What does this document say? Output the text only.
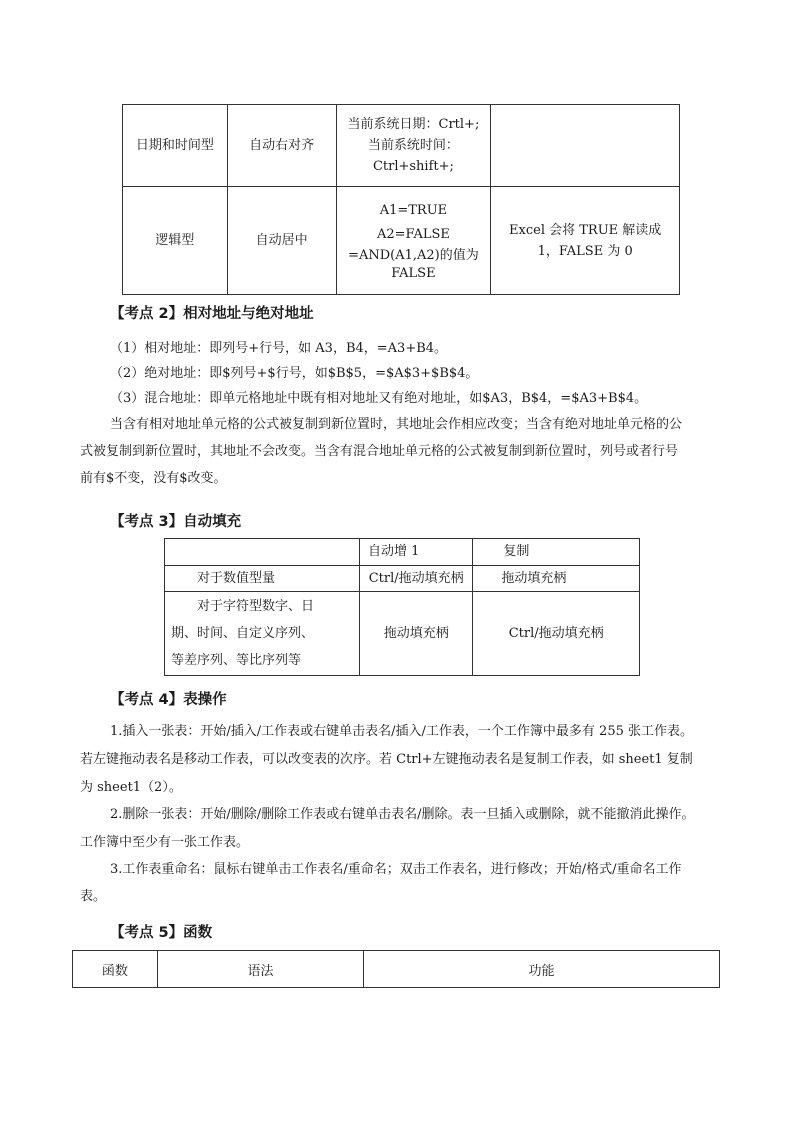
日期和时间型	自动右对齐	当前系统日期：Crtl+;
当前系统时间：
Ctrl+shift+;	

逻辑型	自动居中	A1=TRUE
A2=FALSE
=AND(A1,A2)的值为
FALSE	Excel 会将 TRUE 解读成
1，FALSE 为 0
【考点 2】相对地址与绝对地址
（1）相对地址：即列号+行号，如 A3，B4，=A3+B4。
（2）绝对地址：即$列号+$行号，如$B$5，=$A$3+$B$4。
（3）混合地址：即单元格地址中既有相对地址又有绝对地址，如$A3，B$4，=$A3+B$4。
当含有相对地址单元格的公式被复制到新位置时，其地址会作相应改变；当含有绝对地址单元格的公
式被复制到新位置时，其地址不会改变。当含有混合地址单元格的公式被复制到新位置时，列号或者行号
前有$不变，没有$改变。
【考点 3】自动填充
	自动增 1	复制
对于数值型量	Ctrl/拖动填充柄	拖动填充柄

对于字符型数字、日
期、时间、自定义序列、
等差序列、等比序列等	拖动填充柄	Ctrl/拖动填充柄
【考点 4】表操作
1.插入一张表：开始/插入/工作表或右键单击表名/插入/工作表，一个工作簿中最多有 255 张工作表。
若左键拖动表名是移动工作表，可以改变表的次序。若 Ctrl+左键拖动表名是复制工作表，如 sheet1 复制
为 sheet1（2）。
2.删除一张表：开始/删除/删除工作表或右键单击表名/删除。表一旦插入或删除，就不能撤消此操作。
工作簿中至少有一张工作表。
3.工作表重命名：鼠标右键单击工作表名/重命名；双击工作表名，进行修改；开始/格式/重命名工作
表。
【考点 5】函数
函数	语法	功能
